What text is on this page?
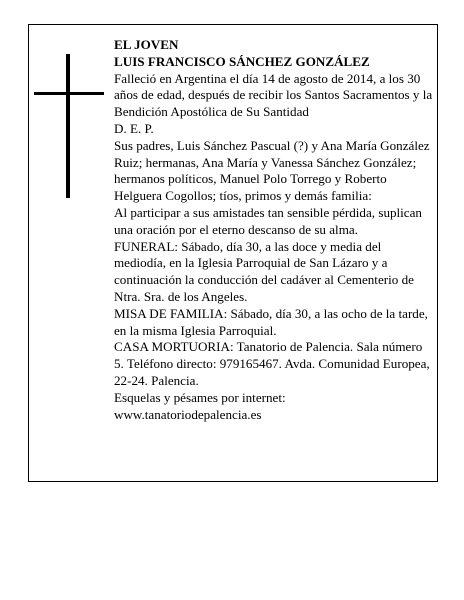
EL JOVEN

LUIS FRANCISCO SÁNCHEZ GONZÁLEZ

Falleció en Argentina el día 14 de agosto de 2014, a los 30 años de edad, después de recibir los Santos Sacramentos y la Bendición Apostólica de Su Santidad

D. E. P.

Sus padres, Luis Sánchez Pascual (?) y Ana María González Ruiz; hermanas, Ana María y Vanessa Sánchez González; hermanos políticos, Manuel Polo Torrego y Roberto Helguera Cogollos; tíos, primos y demás familia:

Al participar a sus amistades tan sensible pérdida, suplican una oración por el eterno descanso de su alma.

FUNERAL: Sábado, día 30, a las doce y media del mediodía, en la Iglesia Parroquial de San Lázaro y a continuación la conducción del cadáver al Cementerio de Ntra. Sra. de los Angeles.

MISA DE FAMILIA: Sábado, día 30, a las ocho de la tarde, en la misma Iglesia Parroquial.

CASA MORTUORIA: Tanatorio de Palencia. Sala número 5. Teléfono directo: 979165467. Avda. Comunidad Europea, 22-24. Palencia.

Esquelas y pésames por internet:

www.tanatoriodepalencia.es
